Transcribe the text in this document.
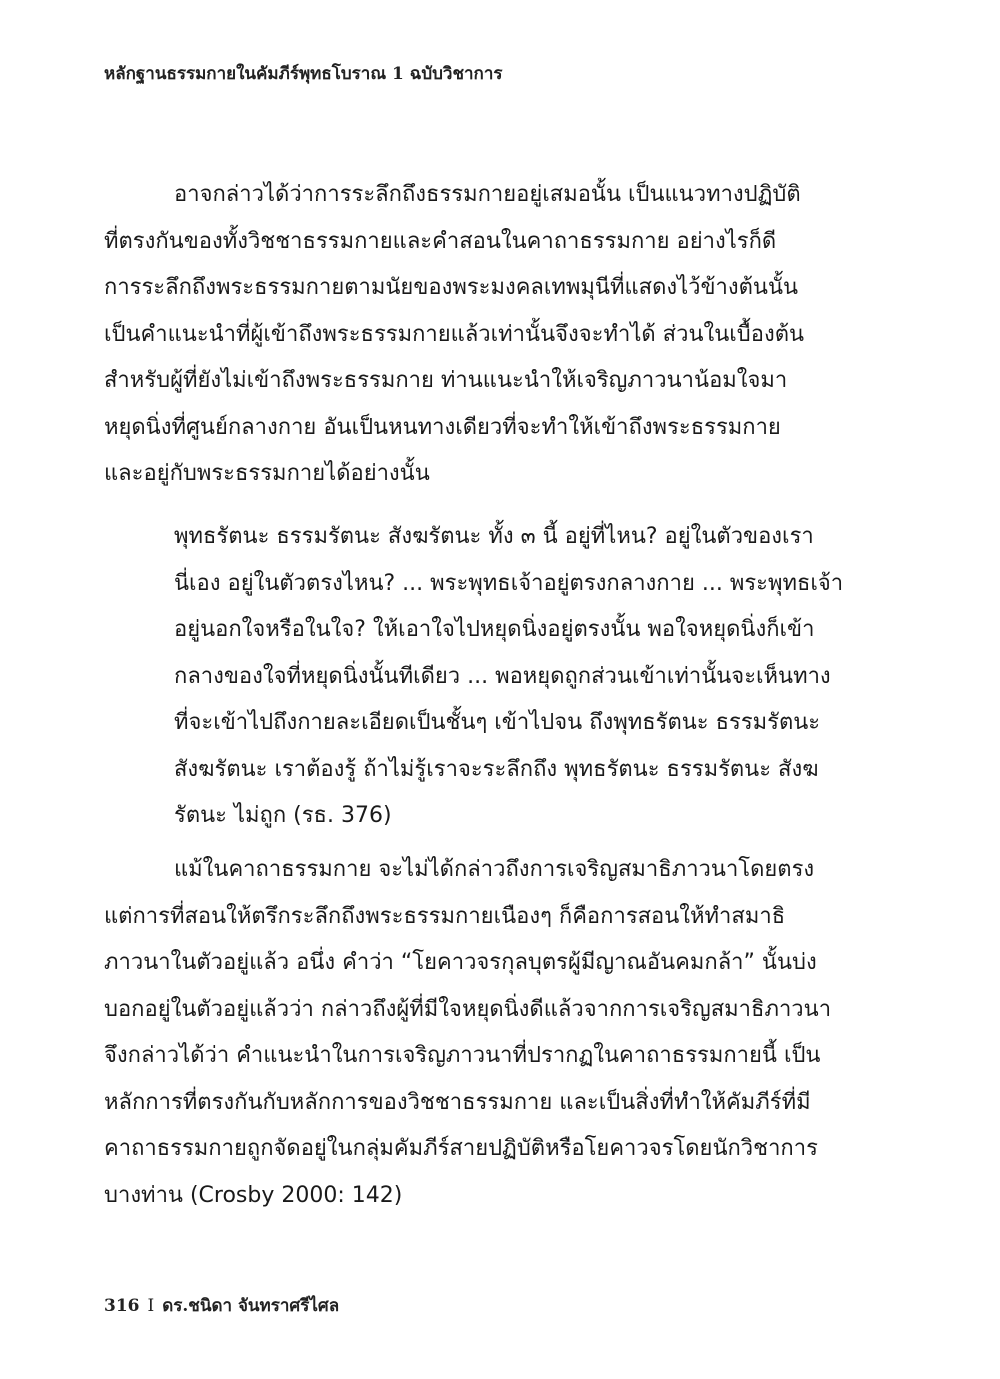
หลักฐานธรรมกายในคัมภีร์พุทธโบราณ 1 ฉบับวิชาการ
อาจกล่าวได้ว่าการระลึกถึงธรรมกายอยู่เสมอนั้น เป็นแนวทางปฏิบัติ
ที่ตรงกันของทั้งวิชชาธรรมกายและคำสอนในคาถาธรรมกาย อย่างไรก็ดี
การระลึกถึงพระธรรมกายตามนัยของพระมงคลเทพมุนีที่แสดงไว้ข้างต้นนั้น
เป็นคำแนะนำที่ผู้เข้าถึงพระธรรมกายแล้วเท่านั้นจึงจะทำได้ ส่วนในเบื้องต้น
สำหรับผู้ที่ยังไม่เข้าถึงพระธรรมกาย ท่านแนะนำให้เจริญภาวนาน้อมใจมา
หยุดนิ่งที่ศูนย์กลางกาย อันเป็นหนทางเดียวที่จะทำให้เข้าถึงพระธรรมกาย
และอยู่กับพระธรรมกายได้อย่างนั้น
พุทธรัตนะ ธรรมรัตนะ สังฆรัตนะ ทั้ง ๓ นี้ อยู่ที่ไหน? อยู่ในตัวของเรา
นี่เอง อยู่ในตัวตรงไหน? ... พระพุทธเจ้าอยู่ตรงกลางกาย ... พระพุทธเจ้า
อยู่นอกใจหรือในใจ? ให้เอาใจไปหยุดนิ่งอยู่ตรงนั้น พอใจหยุดนิ่งก็เข้า
กลางของใจที่หยุดนิ่งนั้นทีเดียว ... พอหยุดถูกส่วนเข้าเท่านั้นจะเห็นทาง
ที่จะเข้าไปถึงกายละเอียดเป็นชั้นๆ เข้าไปจน ถึงพุทธรัตนะ ธรรมรัตนะ
สังฆรัตนะ เราต้องรู้ ถ้าไม่รู้เราจะระลึกถึง พุทธรัตนะ ธรรมรัตนะ สังฆ
รัตนะ ไม่ถูก (รธ. 376)
แม้ในคาถาธรรมกาย จะไม่ได้กล่าวถึงการเจริญสมาธิภาวนาโดยตรง
แต่การที่สอนให้ตรึกระลึกถึงพระธรรมกายเนืองๆ ก็คือการสอนให้ทำสมาธิ
ภาวนาในตัวอยู่แล้ว อนึ่ง คำว่า “โยคาวจรกุลบุตรผู้มีญาณอันคมกล้า” นั้นบ่ง
บอกอยู่ในตัวอยู่แล้วว่า กล่าวถึงผู้ที่มีใจหยุดนิ่งดีแล้วจากการเจริญสมาธิภาวนา
จึงกล่าวได้ว่า คำแนะนำในการเจริญภาวนาที่ปรากฏในคาถาธรรมกายนี้ เป็น
หลักการที่ตรงกันกับหลักการของวิชชาธรรมกาย และเป็นสิ่งที่ทำให้คัมภีร์ที่มี
คาถาธรรมกายถูกจัดอยู่ในกลุ่มคัมภีร์สายปฏิบัติหรือโยคาวจรโดยนักวิชาการ
บางท่าน (Crosby 2000: 142)
316 I ดร.ชนิดา จันทราศรีไศล
